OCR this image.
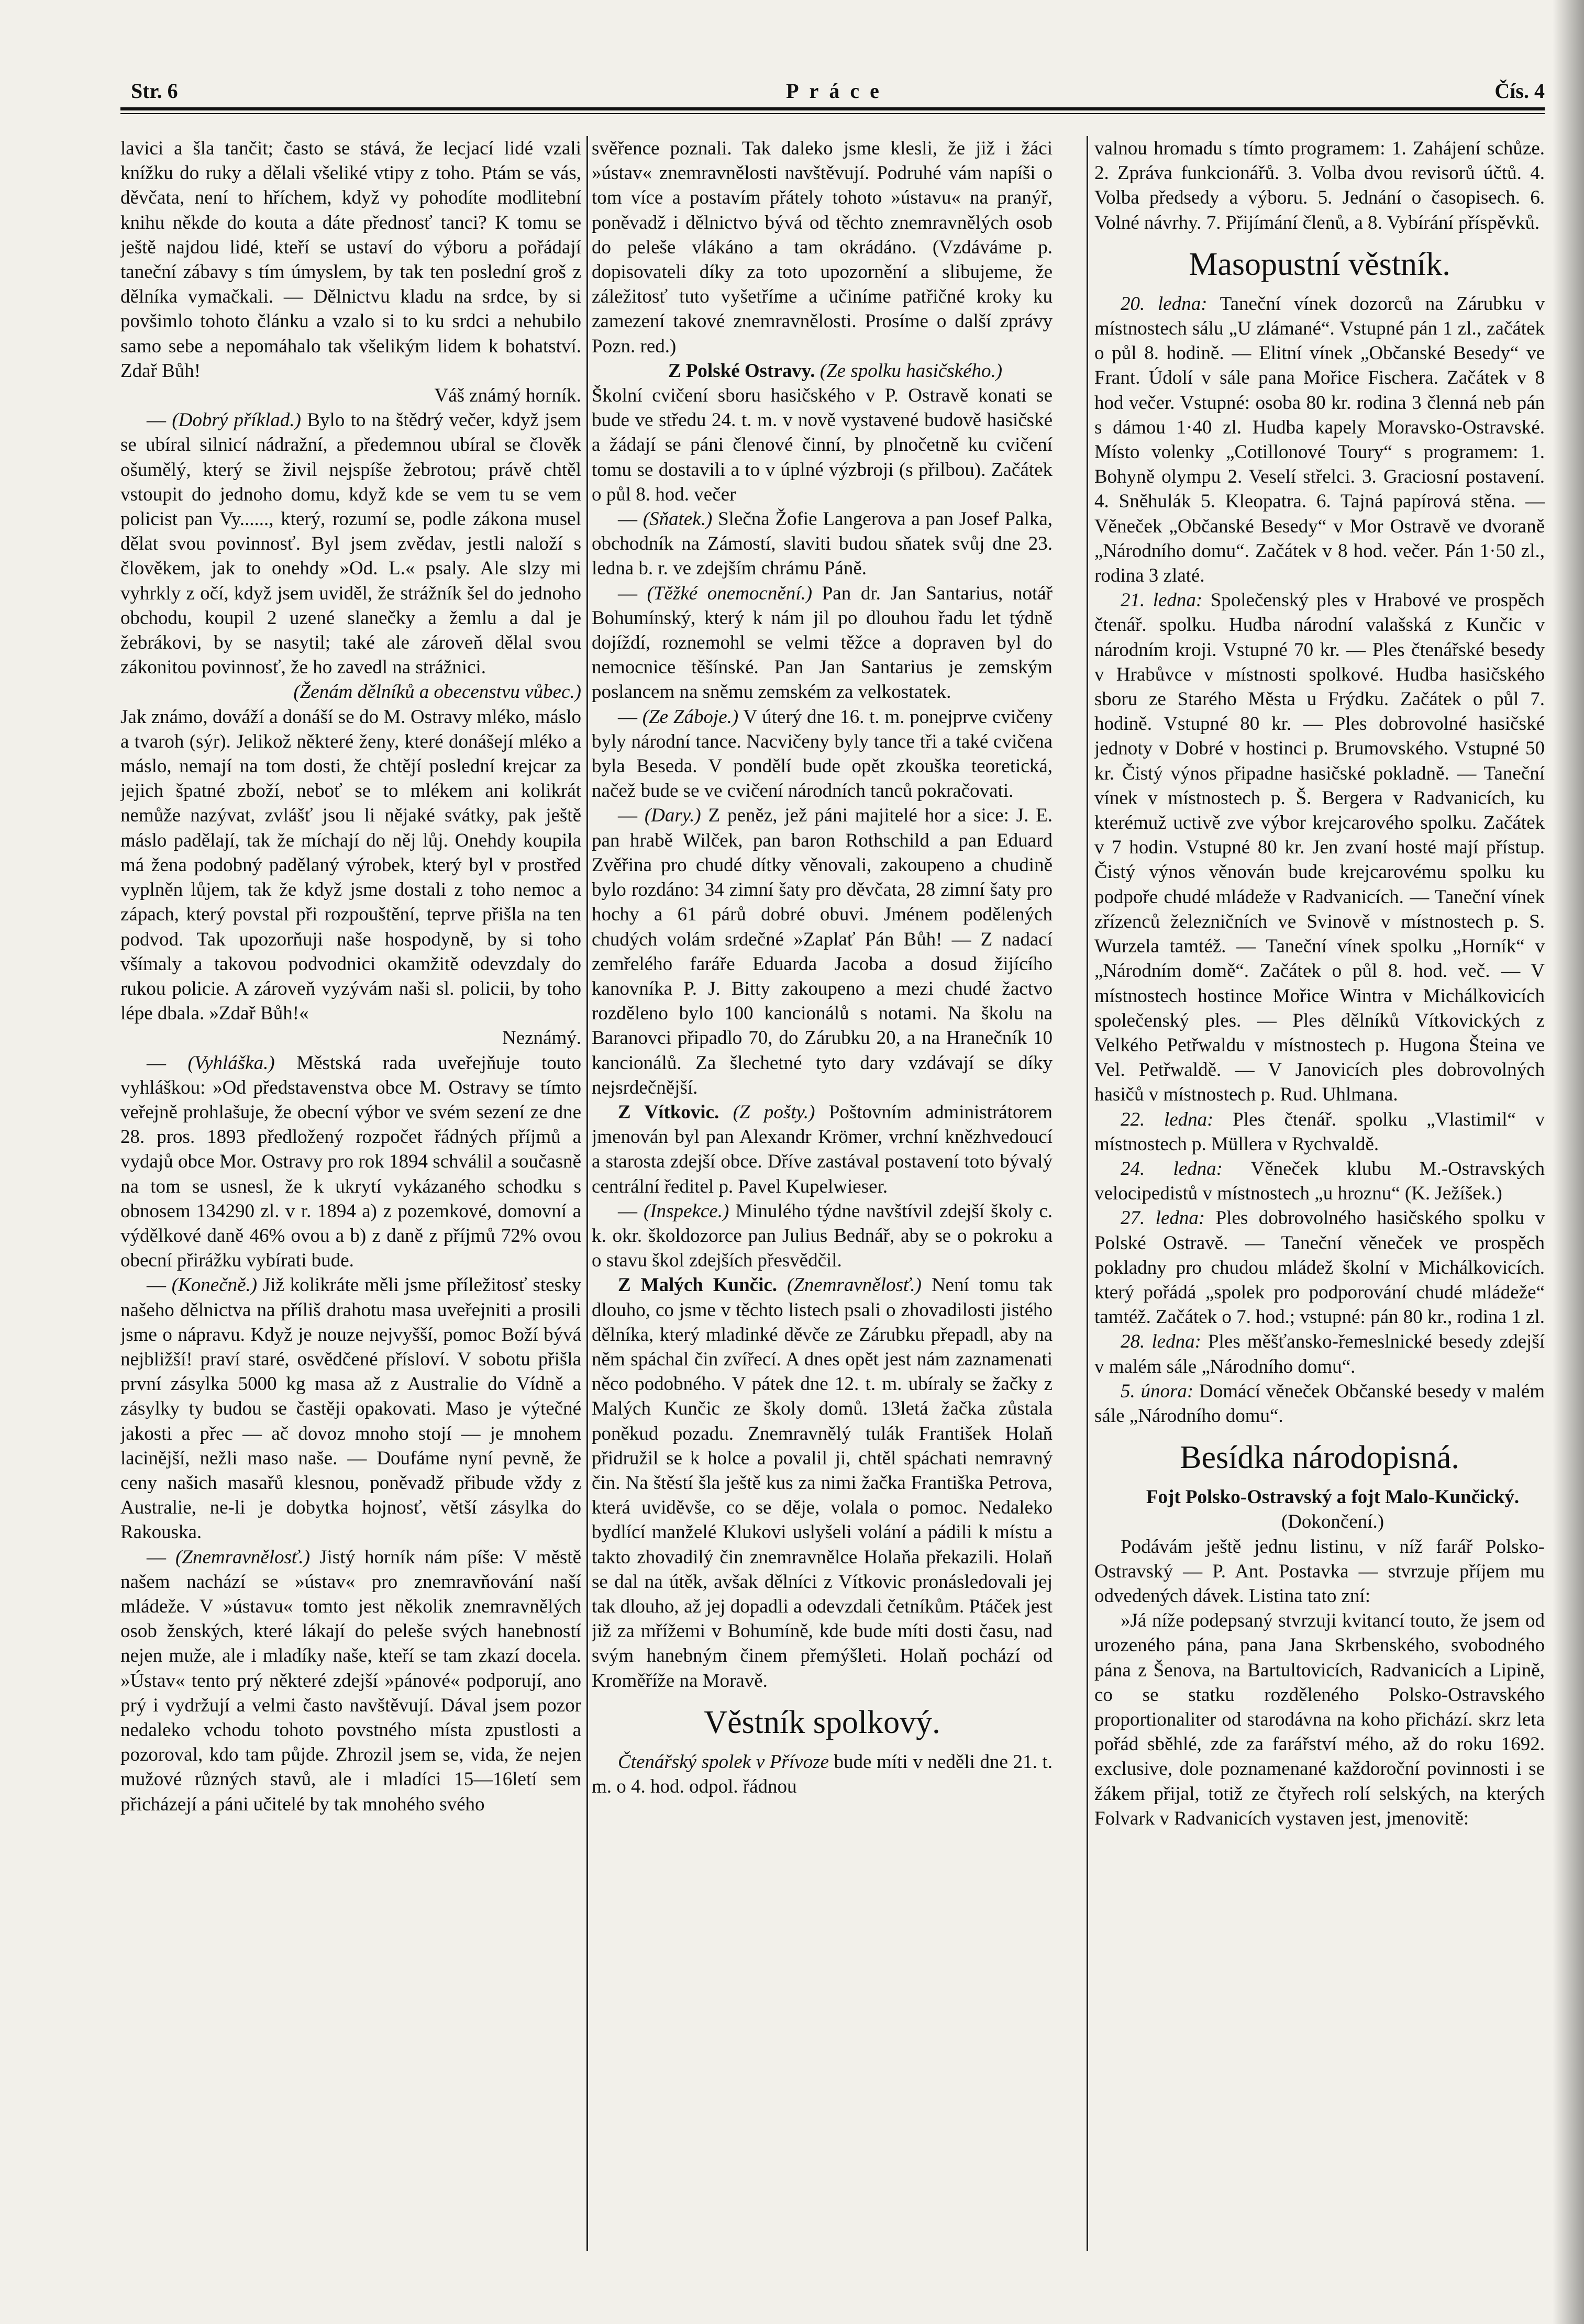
Práce
Str. 6	Čís. 4

lavici a šla tančit; často se stává, že lecjací lidé vzali knížku do ruky a dělali všeliké vtipy z toho. Ptám se vás, děvčata, není to hříchem, když vy pohodíte modlitební knihu někde do kouta a dáte přednosť tanci? K tomu se ještě najdou lidé, kteří se ustaví do výboru a pořádají taneční zábavy s tím úmyslem, by tak ten poslední groš z dělníka vymačkali. — Dělnictvu kladu na srdce, by si povšimlo tohoto článku a vzalo si to ku srdci a nehubilo samo sebe a nepomáhalo tak všelikým lidem k bohatství. Zdař Bůh!

Váš známý horník.

— (Dobrý příklad.) Bylo to na štědrý večer, když jsem se ubíral silnicí nádražní, a předemnou ubíral se člověk ošumělý, který se živil nejspíše žebrotou; právě chtěl vstoupit do jednoho domu, když kde se vem tu se vem policist pan Vy......, který, rozumí se, podle zákona musel dělat svou povinnosť. Byl jsem zvědav, jestli naloží s člověkem, jak to onehdy »Od. L.« psaly. Ale slzy mi vyhrkly z očí, když jsem uviděl, že strážník šel do jednoho obchodu, koupil 2 uzené slanečky a žemlu a dal je žebrákovi, by se nasytil; také ale zároveň dělal svou zákonitou povinnosť, že ho zavedl na strážnici.

(Ženám dělníků a obecenstvu vůbec.)

Jak známo, dováží a donáší se do M. Ostravy mléko, máslo a tvaroh (sýr). Jelikož některé ženy, které donášejí mléko a máslo, nemají na tom dosti, že chtějí poslední krejcar za jejich špatné zboží, neboť se to mlékem ani kolikrát nemůže nazývat, zvlášť jsou li nějaké svátky, pak ještě máslo padělají, tak že míchají do něj lůj. Onehdy koupila má žena podobný padělaný výrobek, který byl v prostřed vyplněn lůjem, tak že když jsme dostali z toho nemoc a zápach, který povstal při rozpouštění, teprve přišla na ten podvod. Tak upozorňuji naše hospodyně, by si toho všímaly a takovou podvodnici okamžitě odevzdaly do rukou policie. A zároveň vyzývám naši sl. policii, by toho lépe dbala. »Zdař Bůh!«

Neznámý.

— (Vyhláška.) Městská rada uveřejňuje touto vyhláškou: »Od představenstva obce M. Ostravy se tímto veřejně prohlašuje, že obecní výbor ve svém sezení ze dne 28. pros. 1893 předložený rozpočet řádných příjmů a vydajů obce Mor. Ostravy pro rok 1894 schválil a současně na tom se usnesl, že k ukrytí vykázaného schodku s obnosem 134290 zl. v r. 1894 a) z pozemkové, domovní a výdělkové daně 46% ovou a b) z daně z příjmů 72% ovou obecní přirážku vybírati bude.

— (Konečně.) Již kolikráte měli jsme příležitosť stesky našeho dělnictva na příliš drahotu masa uveřejniti a prosili jsme o nápravu. Když je nouze nejvyšší, pomoc Boží bývá nejbližší! praví staré, osvědčené přísloví. V sobotu přišla první zásylka 5000 kg masa až z Australie do Vídně a zásylky ty budou se častěji opakovati. Maso je výtečné jakosti a přec — ač dovoz mnoho stojí — je mnohem lacinější, nežli maso naše. — Doufáme nyní pevně, že ceny našich masařů klesnou, poněvadž přibude vždy z Australie, ne-li je dobytka hojnosť, větší zásylka do Rakouska.

— (Znemravnělosť.) Jistý horník nám píše: V městě našem nachází se »ústav« pro znemravňování naší mládeže. V »ústavu« tomto jest několik znemravnělých osob ženských, které lákají do peleše svých hanebností nejen muže, ale i mladíky naše, kteří se tam zkazí docela. »Ústav« tento prý některé zdejší »pánové« podporují, ano prý i vydržují a velmi často navštěvují. Dával jsem pozor nedaleko vchodu tohoto povstného místa zpustlosti a pozoroval, kdo tam půjde. Zhrozil jsem se, vida, že nejen mužové různých stavů, ale i mladíci 15—16letí sem přicházejí a páni učitelé by tak mnohého svého

svěřence poznali. Tak daleko jsme klesli, že již i žáci »ústav« znemravnělosti navštěvují. Podruhé vám napíši o tom více a postavím přátely tohoto »ústavu« na pranýř, poněvadž i dělnictvo bývá od těchto znemravnělých osob do peleše vlákáno a tam okrádáno. (Vzdáváme p. dopisovateli díky za toto upozornění a slibujeme, že záležitosť tuto vyšetříme a učiníme patřičné kroky ku zamezení takové znemravnělosti. Prosíme o další zprávy Pozn. red.)

Z Polské Ostravy. (Ze spolku hasičského.)

Školní cvičení sboru hasičského v P. Ostravě konati se bude ve středu 24. t. m. v nově vystavené budově hasičské a žádají se páni členové činní, by plnočetně ku cvičení tomu se dostavili a to v úplné výzbroji (s přilbou). Začátek o půl 8. hod. večer

— (Sňatek.) Slečna Žofie Langerova a pan Josef Palka, obchodník na Zámostí, slaviti budou sňatek svůj dne 23. ledna b. r. ve zdejším chrámu Páně.

— (Těžké onemocnění.) Pan dr. Jan Santarius, notář Bohumínský, který k nám jil po dlouhou řadu let týdně dojíždí, roznemohl se velmi těžce a dopraven byl do nemocnice těšínské. Pan Jan Santarius je zemským poslancem na sněmu zemském za velkostatek.

— (Ze Záboje.) V úterý dne 16. t. m. ponejprve cvičeny byly národní tance. Nacvičeny byly tance tři a také cvičena byla Beseda. V pondělí bude opět zkouška teoretická, načež bude se ve cvičení národních tanců pokračovati.

— (Dary.) Z peněz, jež páni majitelé hor a sice: J. E. pan hrabě Wilček, pan baron Rothschild a pan Eduard Zvěřina pro chudé dítky věnovali, zakoupeno a chudině bylo rozdáno: 34 zimní šaty pro děvčata, 28 zimní šaty pro hochy a 61 párů dobré obuvi. Jménem podělených chudých volám srdečné »Zaplať Pán Bůh! — Z nadací zemřelého faráře Eduarda Jacoba a dosud žijícího kanovníka P. J. Bitty zakoupeno a mezi chudé žactvo rozděleno bylo 100 kancionálů s notami. Na školu na Baranovci připadlo 70, do Zárubku 20, a na Hranečník 10 kancionálů. Za šlechetné tyto dary vzdávají se díky nejsrdečnější.

Z Vítkovic. (Z pošty.) Poštovním administrátorem jmenován byl pan Alexandr Krömer, vrchní knězhvedoucí a starosta zdejší obce. Dříve zastával postavení toto bývalý centrální ředitel p. Pavel Kupelwieser.

— (Inspekce.) Minulého týdne navštívil zdejší školy c. k. okr. školdozorce pan Julius Bednář, aby se o pokroku a o stavu škol zdejších přesvědčil.

Z Malých Kunčic. (Znemravnělosť.) Není tomu tak dlouho, co jsme v těchto listech psali o zhovadilosti jistého dělníka, který mladinké děvče ze Zárubku přepadl, aby na něm spáchal čin zvířecí. A dnes opět jest nám zaznamenati něco podobného. V pátek dne 12. t. m. ubíraly se žačky z Malých Kunčic ze školy domů. 13letá žačka zůstala poněkud pozadu. Znemravnělý tulák František Holaň přidružil se k holce a povalil ji, chtěl spáchati nemravný čin. Na štěstí šla ještě kus za nimi žačka Františka Petrova, která uviděvše, co se děje, volala o pomoc. Nedaleko bydlící manželé Klukovi uslyšeli volání a pádili k místu a takto zhovadilý čin znemravnělce Holaňa překazili. Holaň se dal na útěk, avšak dělníci z Vítkovic pronásledovali jej tak dlouho, až jej dopadli a odevzdali četníkům. Ptáček jest již za mřížemi v Bohumíně, kde bude míti dosti času, nad svým hanebným činem přemýšleti. Holaň pochází od Kroměříže na Moravě.

Věstník spolkový.

Čtenářský spolek v Přívoze bude míti v neděli dne 21. t. m. o 4. hod. odpol. řádnou

valnou hromadu s tímto programem: 1. Zahájení schůze. 2. Zpráva funkcionářů. 3. Volba dvou revisorů účtů. 4. Volba předsedy a výboru. 5. Jednání o časopisech. 6. Volné návrhy. 7. Přijímání členů, a 8. Vybírání příspěvků.

Masopustní věstník.

20. ledna: Taneční vínek dozorců na Zárubku v místnostech sálu „U zlámané“. Vstupné pán 1 zl., začátek o půl 8. hodině. — Elitní vínek „Občanské Besedy“ ve Frant. Údolí v sále pana Mořice Fischera. Začátek v 8 hod večer. Vstupné: osoba 80 kr. rodina 3 členná neb pán s dámou 1·40 zl. Hudba kapely Moravsko-Ostravské. Místo volenky „Cotillonové Toury“ s programem: 1. Bohyně olympu 2. Veselí střelci. 3. Graciosní postavení. 4. Sněhulák 5. Kleopatra. 6. Tajná papírová stěna. — Věneček „Občanské Besedy“ v Mor Ostravě ve dvoraně „Národního domu“. Začátek v 8 hod. večer. Pán 1·50 zl., rodina 3 zlaté.

21. ledna: Společenský ples v Hrabové ve prospěch čtenář. spolku. Hudba národní valašská z Kunčic v národním kroji. Vstupné 70 kr. — Ples čtenářské besedy v Hrabůvce v místnosti spolkové. Hudba hasičského sboru ze Starého Města u Frýdku. Začátek o půl 7. hodině. Vstupné 80 kr. — Ples dobrovolné hasičské jednoty v Dobré v hostinci p. Brumovského. Vstupné 50 kr. Čistý výnos připadne hasičské pokladně. — Taneční vínek v místnostech p. Š. Bergera v Radvanicích, ku kterémuž uctivě zve výbor krejcarového spolku. Začátek v 7 hodin. Vstupné 80 kr. Jen zvaní hosté mají přístup. Čistý výnos věnován bude krejcarovému spolku ku podpoře chudé mládeže v Radvanicích. — Taneční vínek zřízenců železničních ve Svinově v místnostech p. S. Wurzela tamtéž. — Taneční vínek spolku „Horník“ v „Národním domě“. Začátek o půl 8. hod. več. — V místnostech hostince Mořice Wintra v Michálkovicích společenský ples. — Ples dělníků Vítkovických z Velkého Petřwaldu v místnostech p. Hugona Šteina ve Vel. Petřwaldě. — V Janovicích ples dobrovolných hasičů v místnostech p. Rud. Uhlmana.

22. ledna: Ples čtenář. spolku „Vlastimil“ v místnostech p. Müllera v Rychvaldě.

24. ledna: Věneček klubu M.-Ostravských velocipedistů v místnostech „u hroznu“ (K. Ježíšek.)

27. ledna: Ples dobrovolného hasičského spolku v Polské Ostravě. — Taneční věneček ve prospěch pokladny pro chudou mládež školní v Michálkovicích. který pořádá „spolek pro podporování chudé mládeže“ tamtéž. Začátek o 7. hod.; vstupné: pán 80 kr., rodina 1 zl.

28. ledna: Ples měšťansko-řemeslnické besedy zdejší v malém sále „Národního domu“.

5. února: Domácí věneček Občanské besedy v malém sále „Národního domu“.

Besídka národopisná.

Fojt Polsko-Ostravský a fojt Malo-Kunčický.

(Dokončení.)

Podávám ještě jednu listinu, v níž farář Polsko-Ostravský — P. Ant. Postavka — stvrzuje příjem mu odvedených dávek. Listina tato zní:

»Já níže podepsaný stvrzuji kvitancí touto, že jsem od urozeného pána, pana Jana Skrbenského, svobodného pána z Šenova, na Bartultovicích, Radvanicích a Lipině, co se statku rozděleného Polsko-Ostravského proportionaliter od starodávna na koho přichází. skrz leta pořád sběhlé, zde za farářství mého, až do roku 1692. exclusive, dole poznamenané každoroční povinnosti i se žákem přijal, totiž ze čtyřech rolí selských, na kterých Folvark v Radvanicích vystaven jest, jmenovitě:
